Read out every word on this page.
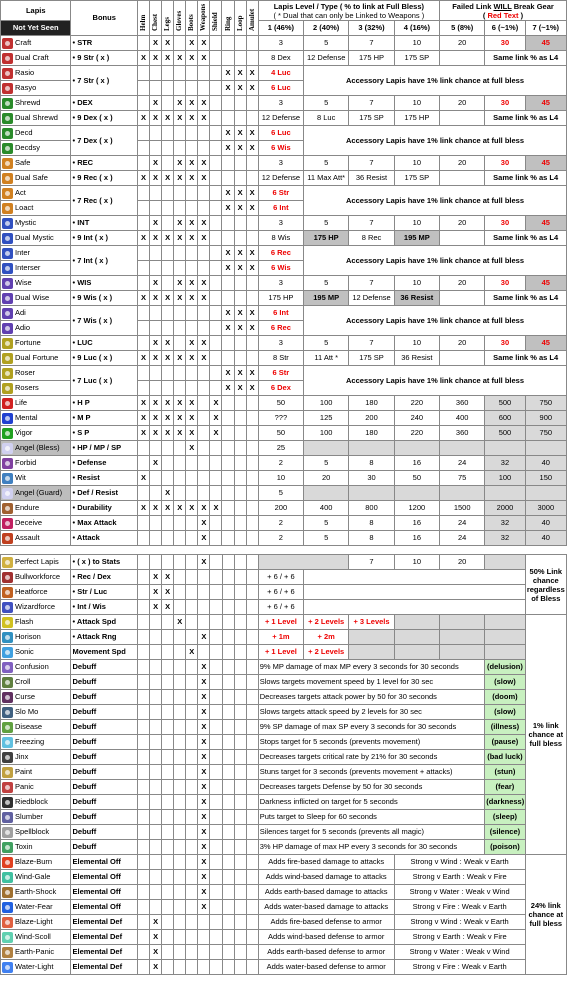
Lapis	Bonus	Helm	Chest	Legs	Gloves	Boots	Weapons	Shield	Ring	Loop	Amulet	Lapis Level / Type ( % to link at Full Bless)
( * Dual that can only be Linked to Weapons )				Failed Link WILL Break Gear
( Red Text )		
Not Yet Seen												1 (46%)	2 (40%)	3 (32%)	4 (16%)	5 (8%)	6 (~1%)	7 (~1%)

Craft	• STR		X	X		X	X					3	5	7	10	20	30	45

Dual Craft	• 9 Str ( x )	X	X	X	X	X	X					8 Dex	12 Defense	175 HP	175 SP		Same link % as L4	

Rasio	• 7 Str ( x )								X	X	X	4 Luc	Accessory Lapis have 1% link chance at full bless					

Rasyo									X	X	X	6 Luc						

Shrewd	• DEX		X		X	X	X					3	5	7	10	20	30	45

Dual Shrewd	• 9 Dex ( x )	X	X	X	X	X	X					12 Defense	8 Luc	175 SP	175 HP		Same link % as L4	

Decd	• 7 Dex ( x )								X	X	X	6 Luc	Accessory Lapis have 1% link chance at full bless					

Decdsy									X	X	X	6 Wis						

Safe	• REC		X		X	X	X					3	5	7	10	20	30	45

Dual Safe	• 9 Rec ( x )	X	X	X	X	X	X					12 Defense	11 Max Att*	36 Resist	175 SP		Same link % as L4	

Act	• 7 Rec ( x )								X	X	X	6 Str	Accessory Lapis have 1% link chance at full bless					

Loact									X	X	X	6 Int						

Mystic	• INT		X		X	X	X					3	5	7	10	20	30	45

Dual Mystic	• 9 Int ( x )	X	X	X	X	X	X					8 Wis	175 HP	8 Rec	195 MP		Same link % as L4	

Inter	• 7 Int ( x )								X	X	X	6 Rec	Accessory Lapis have 1% link chance at full bless					

Interser									X	X	X	6 Wis						

Wise	• WIS		X		X	X	X					3	5	7	10	20	30	45

Dual Wise	• 9 Wis ( x )	X	X	X	X	X	X					175 HP	195 MP	12 Defense	36 Resist		Same link % as L4	

Adi	• 7 Wis ( x )								X	X	X	6 Int	Accessory Lapis have 1% link chance at full bless					

Adio									X	X	X	6 Rec						

Fortune	• LUC		X	X		X	X					3	5	7	10	20	30	45

Dual Fortune	• 9 Luc ( x )	X	X	X	X	X	X					8 Str	11 Att *	175 SP	36 Resist		Same link % as L4	

Roser	• 7 Luc ( x )								X	X	X	6 Str	Accessory Lapis have 1% link chance at full bless					

Rosers									X	X	X	6 Dex						

Life	• H P	X	X	X	X	X		X				50	100	180	220	360	500	750

Mental	• M P	X	X	X	X	X		X				???	125	200	240	400	600	900

Vigor	• S P	X	X	X	X	X		X				50	100	180	220	360	500	750

Angel (Bless)	• HP / MP / SP					X						25						

Forbid	• Defense		X									2	5	8	16	24	32	40

Wit	• Resist	X										10	20	30	50	75	100	150

Angel (Guard)	• Def / Resist			X								5						

Endure	• Durability	X	X	X	X	X	X	X				200	400	800	1200	1500	2000	3000

Deceive	• Max Attack						X					2	5	8	16	24	32	40

Assault	• Attack						X					2	5	8	16	24	32	40
Perfect Lapis	• ( x ) to Stats						X							7	10	20		50% Link chance regardless of Bless

Bullworkforce	• Rec / Dex		X	X								+ 6 / + 6						

Heatforce	• Str / Luc		X	X								+ 6 / + 6						

Wizardforce	• Int / Wis		X	X								+ 6 / + 6						

Flash	• Attack Spd				X							+ 1 Level	+ 2 Levels	+ 3 Levels				1% link chance at full bless

Horison	• Attack Rng						X					+ 1m	+ 2m					

Sonic	Movement Spd					X						+ 1 Level	+ 2 Levels					

Confusion	Debuff						X					9% MP damage of max MP every 3 seconds for 30 seconds					(delusion)	

Croll	Debuff						X					Slows targets movement speed by 1 level for 30 sec					(slow)	

Curse	Debuff						X					Decreases targets attack power by 50 for 30 seconds					(doom)	

Slo Mo	Debuff						X					Slows targets attack speed by 2 levels for 30 sec					(slow)	

Disease	Debuff						X					9% SP damage of max SP every 3 seconds for 30 seconds					(illness)	

Freezing	Debuff						X					Stops target for 5 seconds (prevents movement)					(pause)	

Jinx	Debuff						X					Decreases targets critical rate by 21% for 30 seconds					(bad luck)	

Paint	Debuff						X					Stuns target for 3 seconds (prevents movement + attacks)					(stun)	

Panic	Debuff						X					Decreases targets Defense by 50 for 30 seconds					(fear)	

Riedblock	Debuff						X					Darkness inflicted on target for 5 seconds					(darkness)	

Slumber	Debuff						X					Puts target to Sleep for 60 seconds					(sleep)	

Spellblock	Debuff						X					Silences target for 5 seconds (prevents all magic)					(silence)	

Toxin	Debuff						X					3% HP damage of max HP every 3 seconds for 30 seconds					(poison)	

Blaze-Burn	Elemental Off						X					Adds fire-based damage to attacks			Strong v Wind : Weak v Earth			24% link chance at full bless

Wind-Gale	Elemental Off						X					Adds wind-based damage to attacks			Strong v Earth : Weak v Fire			

Earth-Shock	Elemental Off						X					Adds earth-based damage to attacks			Strong v Water : Weak v Wind			

Water-Fear	Elemental Off						X					Adds water-based damage to attacks			Strong v Fire : Weak v Earth			

Blaze-Light	Elemental Def		X									Adds fire-based defense to armor			Strong v Wind : Weak v Earth			

Wind-Scoll	Elemental Def		X									Adds wind-based defense to armor			Strong v Earth : Weak v Fire			

Earth-Panic	Elemental Def		X									Adds earth-based defense to armor			Strong v Water : Weak v Wind			

Water-Light	Elemental Def		X									Adds water-based defense to armor			Strong v Fire : Weak v Earth			
